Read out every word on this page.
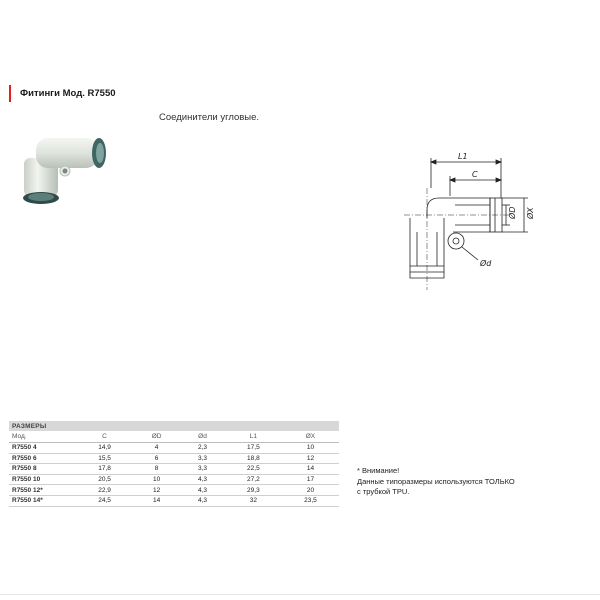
Фитинги Мод. R7550
Соединители угловые.
L1
C
ØD ØX
Ød
РАЗМЕРЫ					
Мод.	C	ØD	Ød	L1	ØX
R7550 4	14,9	4	2,3	17,5	10
R7550 6	15,5	6	3,3	18,8	12
R7550 8	17,8	8	3,3	22,5	14
R7550 10	20,5	10	4,3	27,2	17
R7550 12*	22,9	12	4,3	29,3	20
R7550 14*	24,5	14	4,3	32	23,5
* Внимание!
Данные типоразмеры используются ТОЛЬКО
с трубкой TPU.
